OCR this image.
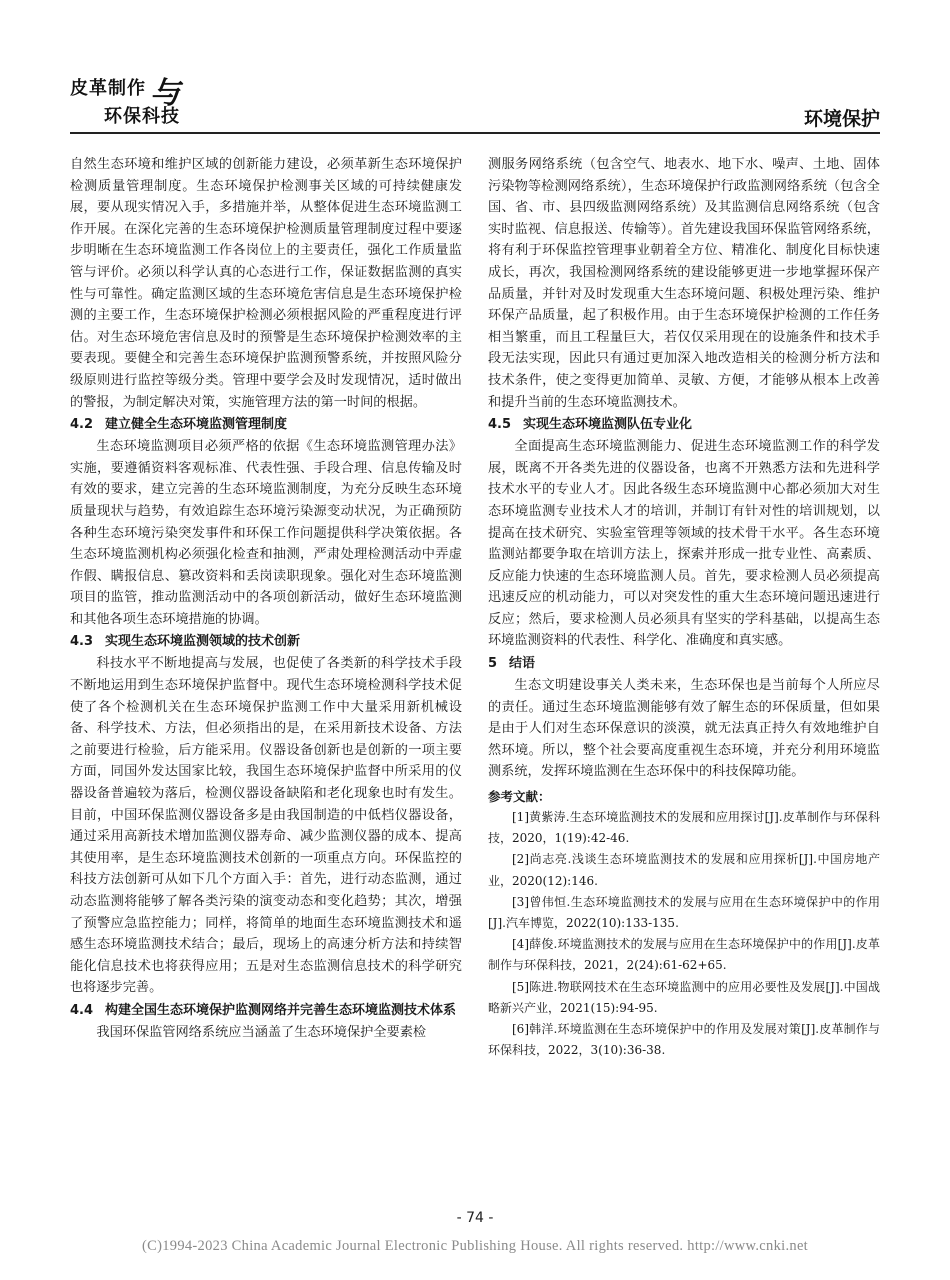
皮革制作 与
环保科技	环境保护

自然生态环境和维护区域的创新能力建设，必须革新生态环境保护检测质量管理制度。生态环境保护检测事关区域的可持续健康发展，要从现实情况入手，多措施并举，从整体促进生态环境监测工作开展。在深化完善的生态环境保护检测质量管理制度过程中要逐步明晰在生态环境监测工作各岗位上的主要责任，强化工作质量监管与评价。必须以科学认真的心态进行工作，保证数据监测的真实性与可靠性。确定监测区域的生态环境危害信息是生态环境保护检测的主要工作，生态环境保护检测必须根据风险的严重程度进行评估。对生态环境危害信息及时的预警是生态环境保护检测效率的主要表现。要健全和完善生态环境保护监测预警系统，并按照风险分级原则进行监控等级分类。管理中要学会及时发现情况，适时做出的警报，为制定解决对策，实施管理方法的第一时间的根据。

4.2 建立健全生态环境监测管理制度

生态环境监测项目必须严格的依据《生态环境监测管理办法》实施，要遵循资料客观标准、代表性强、手段合理、信息传输及时有效的要求，建立完善的生态环境监测制度，为充分反映生态环境质量现状与趋势，有效追踪生态环境污染源变动状况，为正确预防各种生态环境污染突发事件和环保工作问题提供科学决策依据。各生态环境监测机构必须强化检查和抽测，严肃处理检测活动中弄虚作假、瞒报信息、篡改资料和丢岗读职现象。强化对生态环境监测项目的监管，推动监测活动中的各项创新活动，做好生态环境监测和其他各项生态环境措施的协调。

4.3 实现生态环境监测领域的技术创新

科技水平不断地提高与发展，也促使了各类新的科学技术手段不断地运用到生态环境保护监督中。现代生态环境检测科学技术促使了各个检测机关在生态环境保护监测工作中大量采用新机械设备、科学技术、方法，但必须指出的是，在采用新技术设备、方法之前要进行检验，后方能采用。仪器设备创新也是创新的一项主要方面，同国外发达国家比较，我国生态环境保护监督中所采用的仪器设备普遍较为落后，检测仪器设备缺陷和老化现象也时有发生。目前，中国环保监测仪器设备多是由我国制造的中低档仪器设备，通过采用高新技术增加监测仪器寿命、减少监测仪器的成本、提高其使用率，是生态环境监测技术创新的一项重点方向。环保监控的科技方法创新可从如下几个方面入手：首先，进行动态监测，通过动态监测将能够了解各类污染的演变动态和变化趋势；其次，增强了预警应急监控能力；同样，将简单的地面生态环境监测技术和遥感生态环境监测技术结合；最后，现场上的高速分析方法和持续智能化信息技术也将获得应用；五是对生态监测信息技术的科学研究也将逐步完善。

4.4 构建全国生态环境保护监测网络并完善生态环境监测技术体系

我国环保监管网络系统应当涵盖了生态环境保护全要素检

测服务网络系统（包含空气、地表水、地下水、噪声、土地、固体污染物等检测网络系统），生态环境保护行政监测网络系统（包含全国、省、市、县四级监测网络系统）及其监测信息网络系统（包含实时监视、信息报送、传输等）。首先建设我国环保监管网络系统，将有利于环保监控管理事业朝着全方位、精准化、制度化目标快速成长，再次，我国检测网络系统的建设能够更进一步地掌握环保产品质量，并针对及时发现重大生态环境问题、积极处理污染、维护环保产品质量，起了积极作用。由于生态环境保护检测的工作任务相当繁重，而且工程量巨大，若仅仅采用现在的设施条件和技术手段无法实现，因此只有通过更加深入地改造相关的检测分析方法和技术条件，使之变得更加简单、灵敏、方便，才能够从根本上改善和提升当前的生态环境监测技术。

4.5 实现生态环境监测队伍专业化

全面提高生态环境监测能力、促进生态环境监测工作的科学发展，既离不开各类先进的仪器设备，也离不开熟悉方法和先进科学技术水平的专业人才。因此各级生态环境监测中心都必须加大对生态环境监测专业技术人才的培训，并制订有针对性的培训规划，以提高在技术研究、实验室管理等领域的技术骨干水平。各生态环境监测站都要争取在培训方法上，探索并形成一批专业性、高素质、反应能力快速的生态环境监测人员。首先，要求检测人员必须提高迅速反应的机动能力，可以对突发性的重大生态环境问题迅速进行反应；然后，要求检测人员必须具有坚实的学科基础，以提高生态环境监测资料的代表性、科学化、准确度和真实感。

5 结语

生态文明建设事关人类未来，生态环保也是当前每个人所应尽的责任。通过生态环境监测能够有效了解生态的环保质量，但如果是由于人们对生态环保意识的淡漠，就无法真正持久有效地维护自然环境。所以，整个社会要高度重视生态环境，并充分利用环境监测系统，发挥环境监测在生态环保中的科技保障功能。

参考文献：

[1]黄紫涛.生态环境监测技术的发展和应用探讨[J].皮革制作与环保科技，2020，1(19):42-46.

[2]尚志亮.浅谈生态环境监测技术的发展和应用探析[J].中国房地产业，2020(12):146.

[3]曾伟恒.生态环境监测技术的发展与应用在生态环境保护中的作用[J].汽车博览，2022(10):133-135.

[4]薛俊.环境监测技术的发展与应用在生态环境保护中的作用[J].皮革制作与环保科技，2021，2(24):61-62+65.

[5]陈进.物联网技术在生态环境监测中的应用必要性及发展[J].中国战略新兴产业，2021(15):94-95.

[6]韩洋.环境监测在生态环境保护中的作用及发展对策[J].皮革制作与环保科技，2022，3(10):36-38.

- 74 -
(C)1994-2023 China Academic Journal Electronic Publishing House. All rights reserved. http://www.cnki.net
